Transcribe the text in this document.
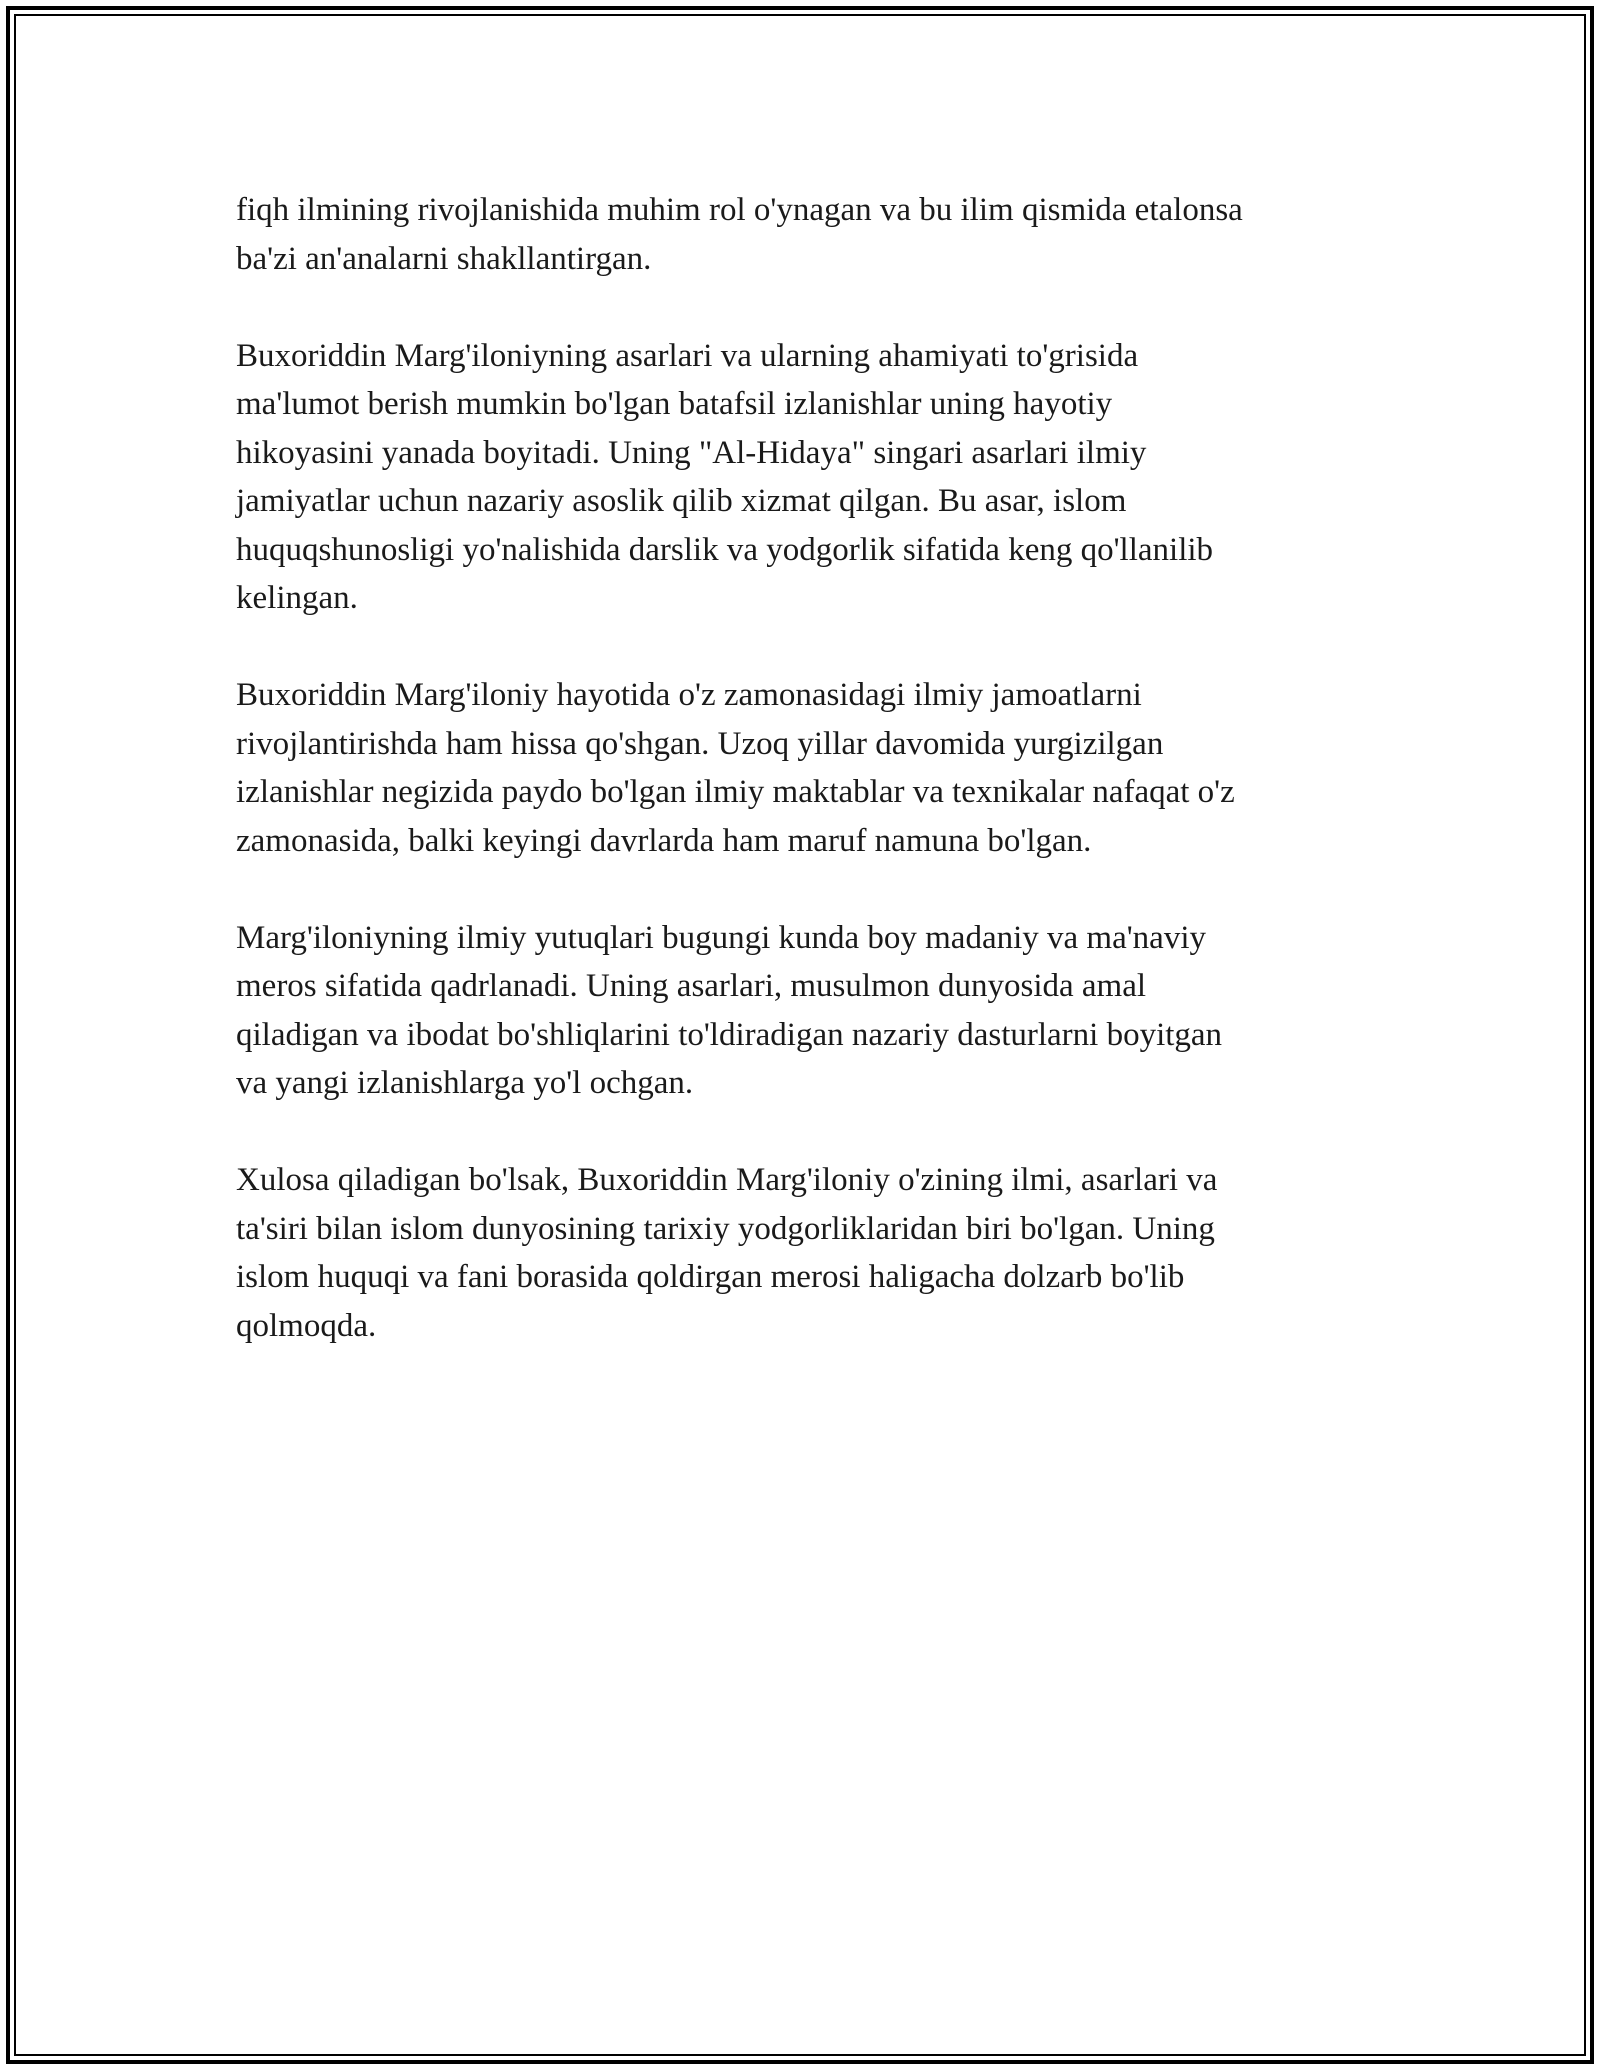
fiqh ilmining rivojlanishida muhim rol o'ynagan va bu ilim qismida etalonsa
ba'zi an'analarni shakllantirgan.

Buxoriddin Marg'iloniyning asarlari va ularning ahamiyati to'grisida
ma'lumot berish mumkin bo'lgan batafsil izlanishlar uning hayotiy
hikoyasini yanada boyitadi. Uning "Al-Hidaya" singari asarlari ilmiy
jamiyatlar uchun nazariy asoslik qilib xizmat qilgan. Bu asar, islom
huquqshunosligi yo'nalishida darslik va yodgorlik sifatida keng qo'llanilib
kelingan.

Buxoriddin Marg'iloniy hayotida o'z zamonasidagi ilmiy jamoatlarni
rivojlantirishda ham hissa qo'shgan. Uzoq yillar davomida yurgizilgan
izlanishlar negizida paydo bo'lgan ilmiy maktablar va texnikalar nafaqat o'z
zamonasida, balki keyingi davrlarda ham maruf namuna bo'lgan.

Marg'iloniyning ilmiy yutuqlari bugungi kunda boy madaniy va ma'naviy
meros sifatida qadrlanadi. Uning asarlari, musulmon dunyosida amal
qiladigan va ibodat bo'shliqlarini to'ldiradigan nazariy dasturlarni boyitgan
va yangi izlanishlarga yo'l ochgan.

Xulosa qiladigan bo'lsak, Buxoriddin Marg'iloniy o'zining ilmi, asarlari va
ta'siri bilan islom dunyosining tarixiy yodgorliklaridan biri bo'lgan. Uning
islom huquqi va fani borasida qoldirgan merosi haligacha dolzarb bo'lib
qolmoqda.
